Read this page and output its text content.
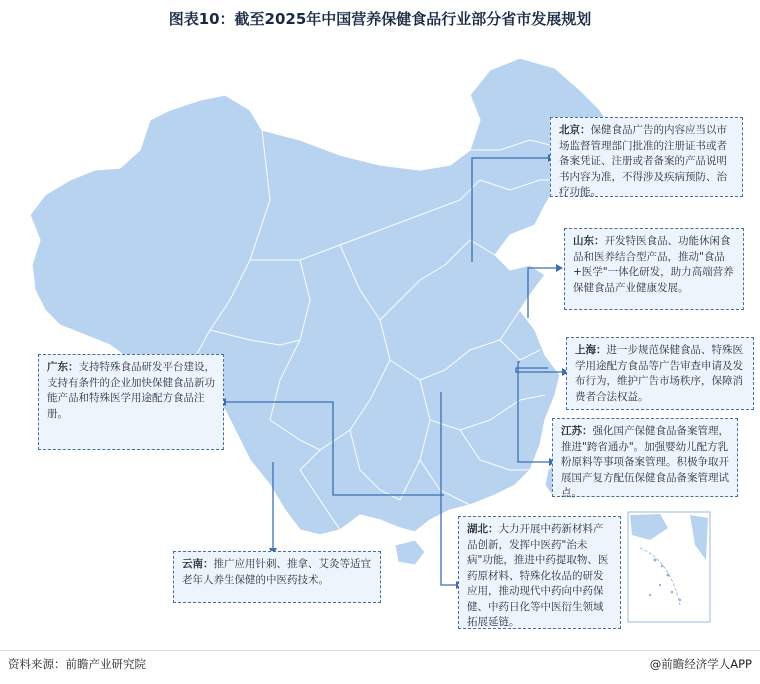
图表10：截至2025年中国营养保健食品行业部分省市发展规划
北京：保健食品广告的内容应当以市场监督管理部门批准的注册证书或者备案凭证、注册或者备案的产品说明书内容为准，不得涉及疾病预防、治疗功能。
山东：开发特医食品、功能休闲食品和医养结合型产品，推动"食品+医学"一体化研发，助力高端营养保健食品产业健康发展。
上海：进一步规范保健食品、特殊医学用途配方食品等广告审查申请及发布行为，维护广告市场秩序，保障消费者合法权益。
江苏：强化国产保健食品备案管理，推进"跨省通办"。加强婴幼儿配方乳粉原料等事项备案管理。积极争取开展国产复方配伍保健食品备案管理试点。
广东：支持特殊食品研发平台建设，支持有条件的企业加快保健食品新功能产品和特殊医学用途配方食品注册。
云南：推广应用针刺、推拿、艾灸等适宜老年人养生保健的中医药技术。
湖北：大力开展中药新材料产品创新，发挥中医药"治未病"功能，推进中药提取物、医药原材料、特殊化妆品的研发应用，推动现代中药向中药保健、中药日化等中医衍生领域拓展延链。
资料来源：前瞻产业研究院	@前瞻经济学人APP
